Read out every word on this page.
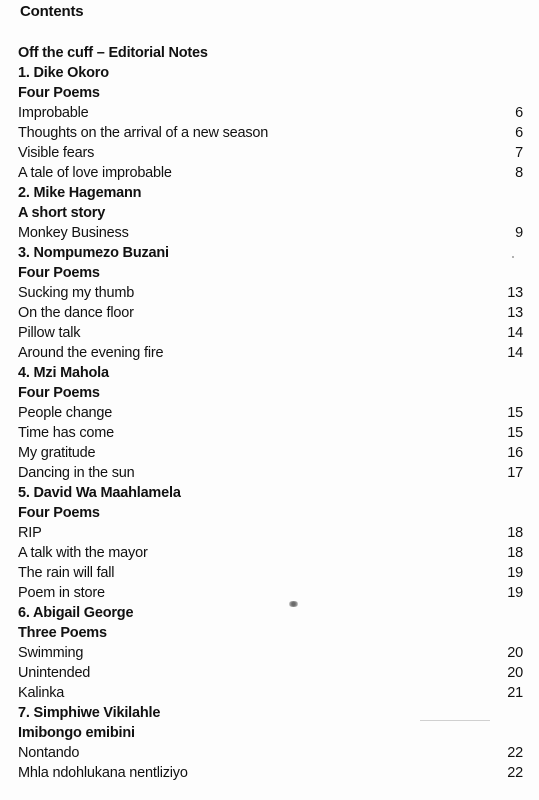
Contents
Off the cuff – Editorial Notes
1. Dike Okoro
Four Poems
Improbable	6
Thoughts on the arrival of a new season	6
Visible fears	7
A tale of love improbable	8
2. Mike Hagemann
A short story
Monkey Business	9
3. Nompumezo Buzani
Four Poems
Sucking my thumb	13
On the dance floor	13
Pillow talk	14
Around the evening fire	14
4. Mzi Mahola
Four Poems
People change	15
Time has come	15
My gratitude	16
Dancing in the sun	17
5. David Wa Maahlamela
Four Poems
RIP	18
A talk with the mayor	18
The rain will fall	19
Poem in store	19
6. Abigail George
Three Poems
Swimming	20
Unintended	20
Kalinka	21
7. Simphiwe Vikilahle
Imibongo emibini
Nontando	22
Mhla ndohlukana nentliziyo	22
